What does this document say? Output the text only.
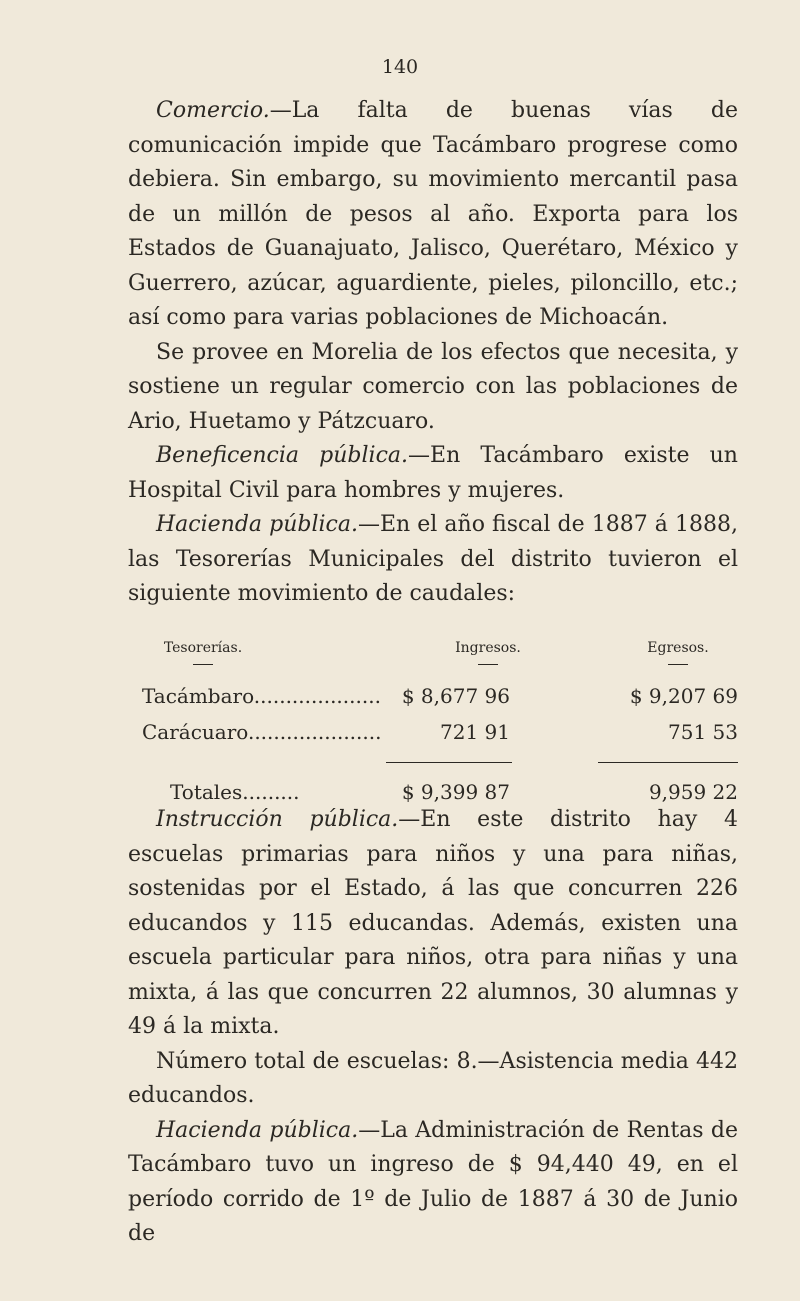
140

Comercio.—La falta de buenas vías de comunicación impide que Tacámbaro progrese como debiera. Sin embargo, su movimiento mercantil pasa de un millón de pesos al año. Exporta para los Estados de Guanajuato, Jalisco, Querétaro, México y Guerrero, azúcar, aguardiente, pieles, piloncillo, etc.; así como para varias poblaciones de Michoacán.

Se provee en Morelia de los efectos que necesita, y sostiene un regular comercio con las poblaciones de Ario, Huetamo y Pátzcuaro.

Beneficencia pública.—En Tacámbaro existe un Hospital Civil para hombres y mujeres.

Hacienda pública.—En el año fiscal de 1887 á 1888, las Tesorerías Municipales del distrito tuvieron el siguiente movimiento de caudales:

Tesorerías.	Ingresos.	Egresos.
Tacámbaro.................... $ 8,677 96	$ 9,207 69
Carácuaro.....................	721 91	751 53
Totales.........	$ 9,399 87	9,959 22

Instrucción pública.—En este distrito hay 4 escuelas primarias para niños y una para niñas, sostenidas por el Estado, á las que concurren 226 educandos y 115 educandas. Además, existen una escuela particular para niños, otra para niñas y una mixta, á las que concurren 22 alumnos, 30 alumnas y 49 á la mixta.

Número total de escuelas: 8.—Asistencia media 442 educandos.

Hacienda pública.—La Administración de Rentas de Tacámbaro tuvo un ingreso de $ 94,440 49, en el período corrido de 1º de Julio de 1887 á 30 de Junio de
